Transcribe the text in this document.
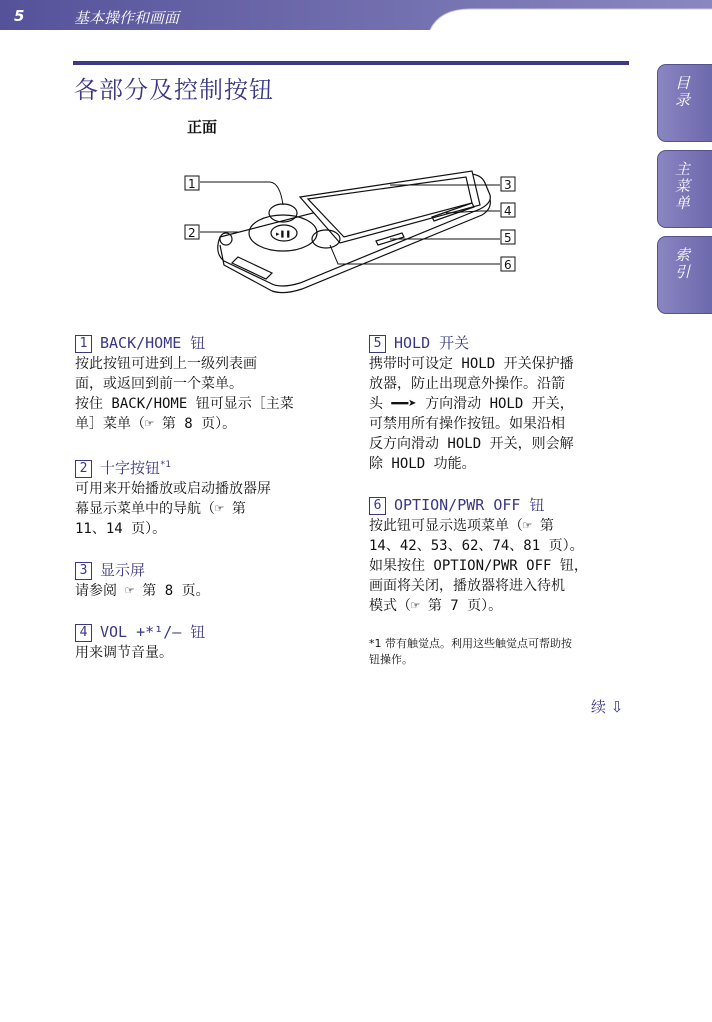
5	基本操作和画面
各部分及控制按钮	目录
主菜单
索引
正面
▸❚❚
1
2
3
4
5
6
1 BACK/HOME 钮
按此按钮可进到上一级列表画
面，或返回到前一个菜单。
按住 BACK/HOME 钮可显示［主菜
单］菜单（☞ 第 8 页）。
2 十字按钮$^{*1}$
可用来开始播放或启动播放器屏
幕显示菜单中的导航（☞ 第
11、14 页）。
3 显示屏
请参阅 ☞ 第 8 页。
4 VOL +*¹/– 钮
用来调节音量。
5 HOLD 开关
携带时可设定 HOLD 开关保护播
放器，防止出现意外操作。沿箭
头 ━━➤ 方向滑动 HOLD 开关，
可禁用所有操作按钮。如果沿相
反方向滑动 HOLD 开关，则会解
除 HOLD 功能。
6 OPTION/PWR OFF 钮
按此钮可显示选项菜单（☞ 第
14、42、53、62、74、81 页）。
如果按住 OPTION/PWR OFF 钮，
画面将关闭，播放器将进入待机
模式（☞ 第 7 页）。
*1 带有触觉点。利用这些触觉点可帮助按
钮操作。
续 ⇩
